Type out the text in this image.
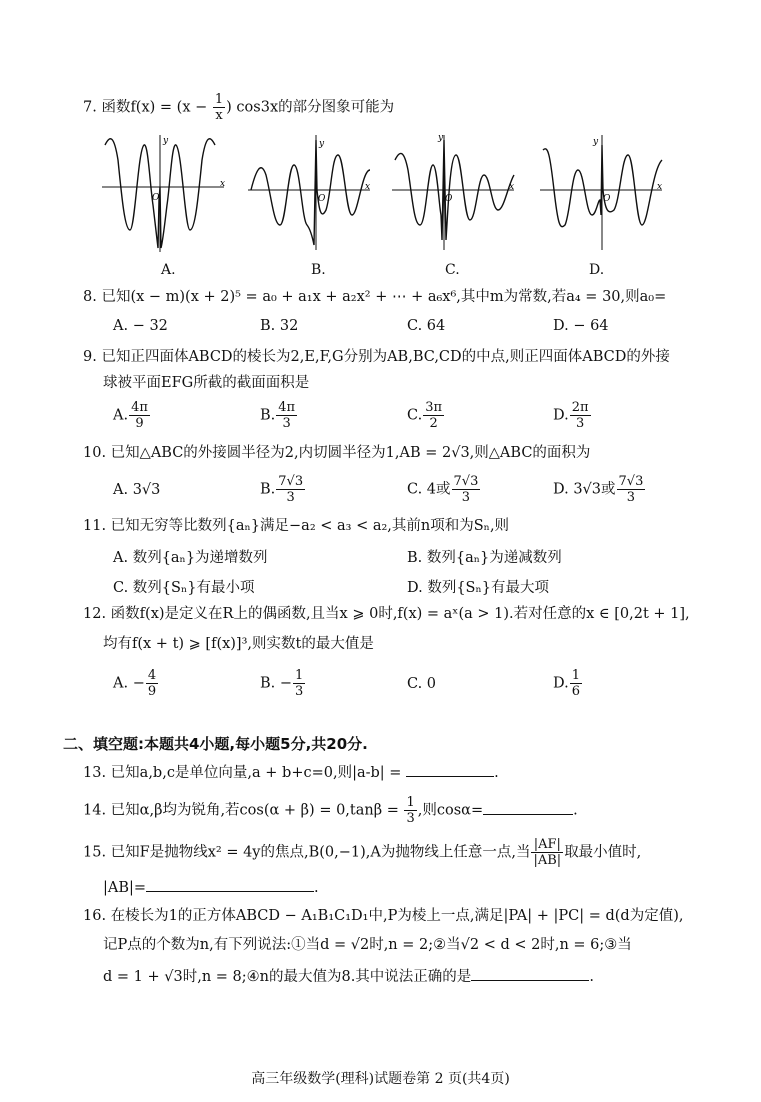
7. 函数$f(x) = (x - \frac{1}{x}$ ) cos3x的部分图象可能为
y
x
O
A.
y
x
O
B.
y
x
O
C.
y
x
O
D.
8. 已知(x − m)(x + 2)⁵ = a₀ + a₁x + a₂x² + ⋯ + a₆x⁶,其中m为常数,若a₄ = 30,则a₀=
A. − 32	B. 32	C. 64	D. − 64
9. 已知正四面体ABCD的棱长为2,E,F,G分别为AB,BC,CD的中点,则正四面体ABCD的外接
球被平面EFG所截的截面面积是
A. $\frac{4\pi}{9}$	B. $\frac{4\pi}{3}$	C. $\frac{3\pi}{2}$	D. $\frac{2\pi}{3}$
10. 已知△ABC的外接圆半径为2,内切圆半径为1,AB = 2√3,则△ABC的面积为
A. 3√3	B. $\frac{7√3}{3}$	C. 4或 $\frac{7√3}{3}$	D. 3√3或 $\frac{7√3}{3}$
11. 已知无穷等比数列{aₙ}满足−a₂ < a₃ < a₂,其前n项和为Sₙ,则
A. 数列{aₙ}为递增数列	B. 数列{aₙ}为递减数列
C. 数列{Sₙ}有最小项	D. 数列{Sₙ}有最大项
12. 函数f(x)是定义在R上的偶函数,且当x ⩾ 0时,f(x) = aˣ(a > 1).若对任意的x ∈ [0,2t + 1],
均有f(x + t) ⩾ [f(x)]³,则实数t的最大值是
A. − $\frac{4}{9}$	B. − $\frac{1}{3}$	C. 0	D. $\frac{1}{6}$
二、填空题:本题共4小题,每小题5分,共20分.
13. 已知a,b,c是单位向量,a + b+c=0,则|a-b| =	.
14. 已知α,β均为锐角,若$\cos(\alpha + \beta) = 0,\tan\beta = \frac{1}{3}$ ,则cosα=	.
15. 已知F是抛物线x² = 4y的焦点,B(0,−1),A为抛物线上任意一点,当 $\frac{|AF|}{|AB|}$ 取最小值时,
|AB|=	.
16. 在棱长为1的正方体ABCD − A₁B₁C₁D₁中,P为棱上一点,满足|PA| + |PC| = d(d为定值),
记P点的个数为n,有下列说法:①当d = √2时,n = 2;②当√2 < d < 2时,n = 6;③当
d = 1 + √3时,n = 8;④n的最大值为8.其中说法正确的是	.
高三年级数学(理科)试题卷第 2 页(共4页)
